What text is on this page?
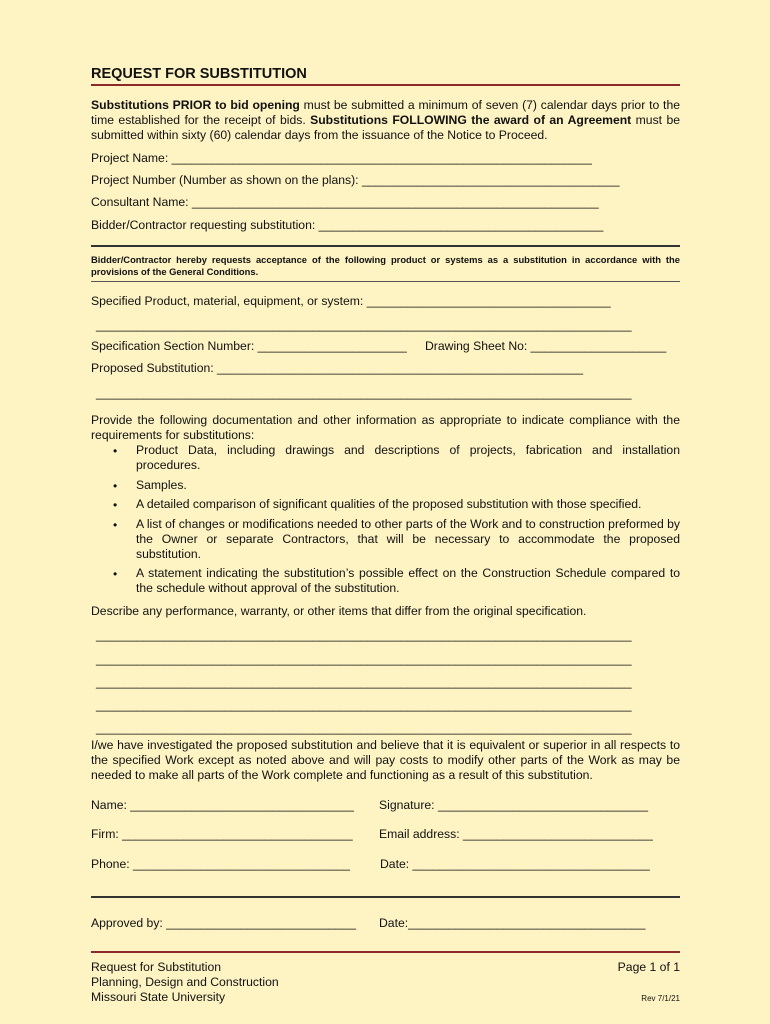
REQUEST FOR SUBSTITUTION
Substitutions PRIOR to bid opening must be submitted a minimum of seven (7) calendar days prior to the time established for the receipt of bids. Substitutions FOLLOWING the award of an Agreement must be submitted within sixty (60) calendar days from the issuance of the Notice to Proceed.
Project Name: ______________________________________________________________
Project Number (Number as shown on the plans): ______________________________________
Consultant Name: ____________________________________________________________
Bidder/Contractor requesting substitution: __________________________________________
Bidder/Contractor hereby requests acceptance of the following product or systems as a substitution in accordance with the provisions of the General Conditions.
Specified Product, material, equipment, or system: ____________________________________
_______________________________________________________________________________
Specification Section Number: ______________________ Drawing Sheet No: ____________________
Proposed Substitution: ______________________________________________________
_______________________________________________________________________________
Provide the following documentation and other information as appropriate to indicate compliance with the requirements for substitutions:
• Product Data, including drawings and descriptions of projects, fabrication and installation procedures.
• Samples.
• A detailed comparison of significant qualities of the proposed substitution with those specified.
• A list of changes or modifications needed to other parts of the Work and to construction preformed by the Owner or separate Contractors, that will be necessary to accommodate the proposed substitution.
• A statement indicating the substitution’s possible effect on the Construction Schedule compared to the schedule without approval of the substitution.
Describe any performance, warranty, or other items that differ from the original specification.
_______________________________________________________________________________
_______________________________________________________________________________
_______________________________________________________________________________
_______________________________________________________________________________
_______________________________________________________________________________
I/we have investigated the proposed substitution and believe that it is equivalent or superior in all respects to the specified Work except as noted above and will pay costs to modify other parts of the Work as may be needed to make all parts of the Work complete and functioning as a result of this substitution.
Name: _________________________________ Signature: _______________________________
Firm: __________________________________ Email address: ____________________________
Phone: ________________________________ Date: ___________________________________
Approved by: ____________________________ Date:___________________________________
Request for Substitution
Planning, Design and Construction
Missouri State University
Page 1 of 1
Rev 7/1/21
